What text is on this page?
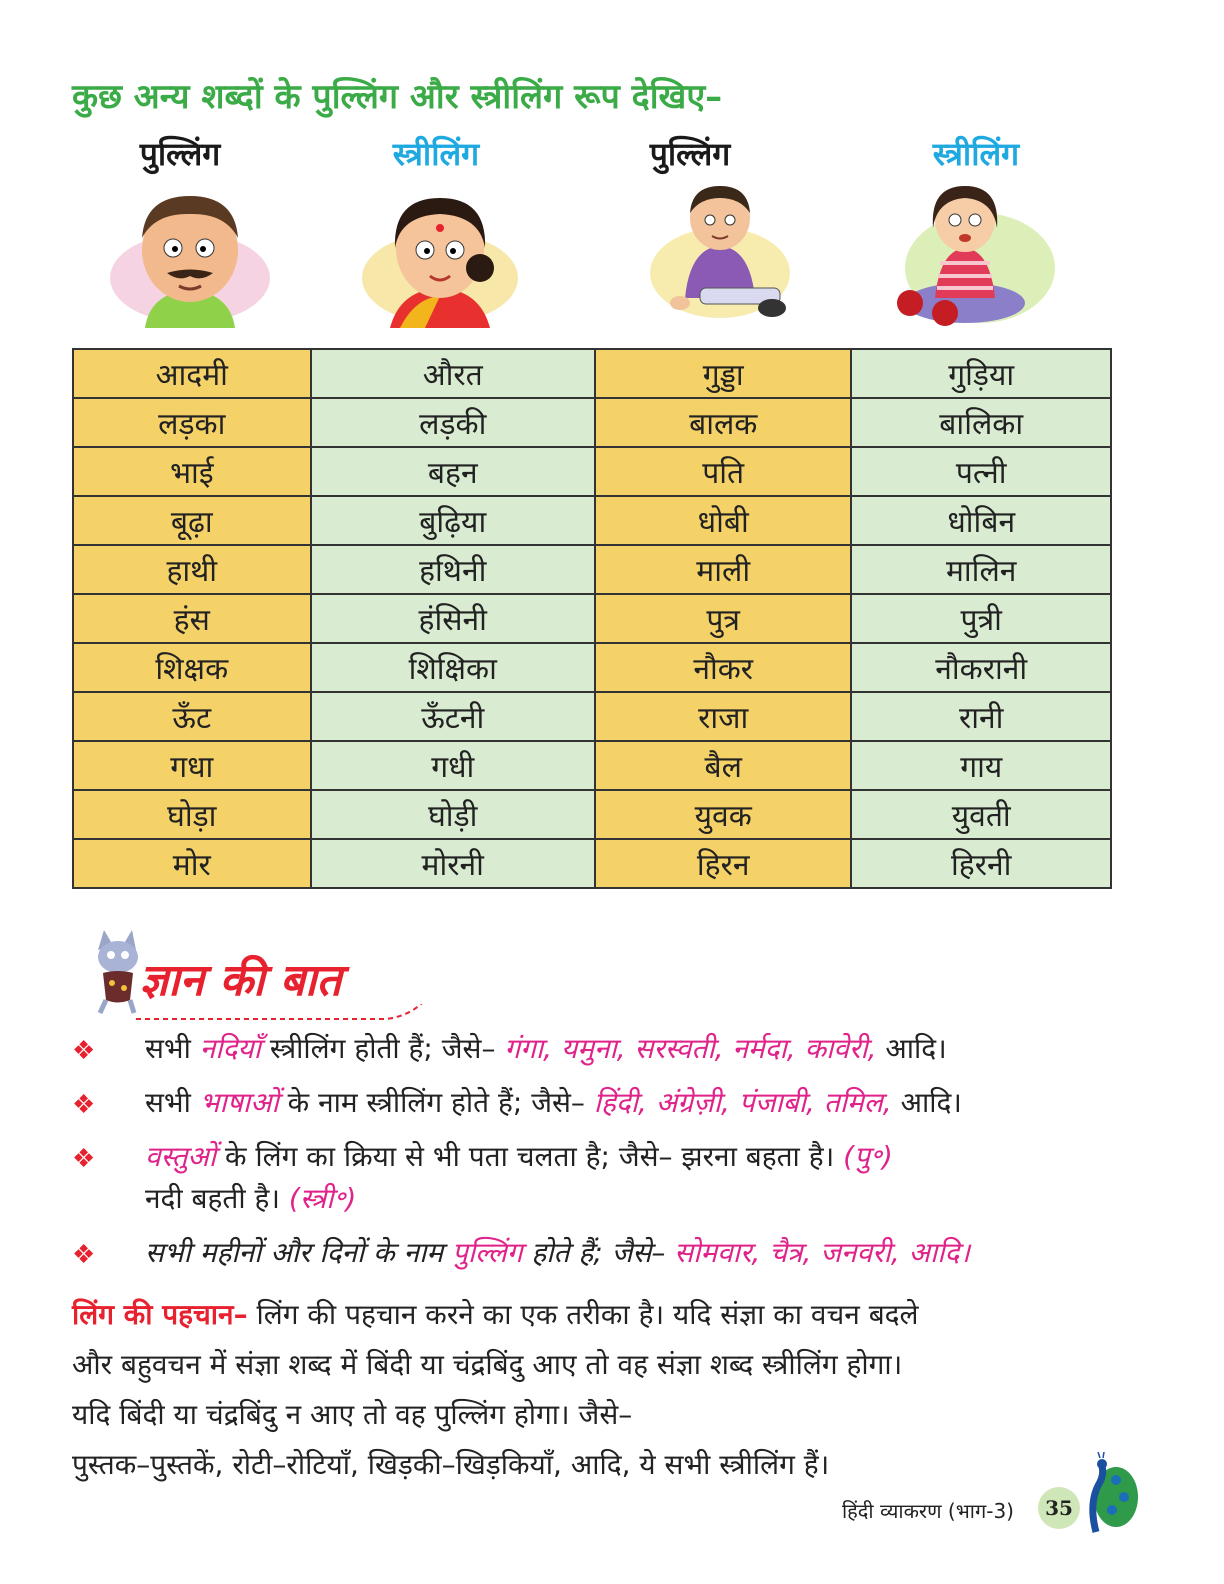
कुछ अन्य शब्दों के पुल्लिंग और स्त्रीलिंग रूप देखिए–
पुल्लिंग	स्त्रीलिंग	पुल्लिंग	स्त्रीलिंग
आदमी	औरत	गुड्डा	गुड़िया
लड़का	लड़की	बालक	बालिका
भाई	बहन	पति	पत्नी
बूढ़ा	बुढ़िया	धोबी	धोबिन
हाथी	हथिनी	माली	मालिन
हंस	हंसिनी	पुत्र	पुत्री
शिक्षक	शिक्षिका	नौकर	नौकरानी
ऊँट	ऊँटनी	राजा	रानी
गधा	गधी	बैल	गाय
घोड़ा	घोड़ी	युवक	युवती
मोर	मोरनी	हिरन	हिरनी
ज्ञान की बात
❖ सभी नदियाँ स्त्रीलिंग होती हैं; जैसे– गंगा, यमुना, सरस्वती, नर्मदा, कावेरी, आदि।
❖ सभी भाषाओं के नाम स्त्रीलिंग होते हैं; जैसे– हिंदी, अंग्रेज़ी, पंजाबी, तमिल, आदि।
❖ वस्तुओं के लिंग का क्रिया से भी पता चलता है; जैसे– झरना बहता है। (पु॰)
नदी बहती है। (स्त्री॰)
❖ सभी महीनों और दिनों के नाम पुल्लिंग होते हैं; जैसे– सोमवार, चैत्र, जनवरी, आदि।
लिंग की पहचान– लिंग की पहचान करने का एक तरीका है। यदि संज्ञा का वचन बदले
और बहुवचन में संज्ञा शब्द में बिंदी या चंद्रबिंदु आए तो वह संज्ञा शब्द स्त्रीलिंग होगा।
यदि बिंदी या चंद्रबिंदु न आए तो वह पुल्लिंग होगा। जैसे–
पुस्तक–पुस्तकें, रोटी–रोटियाँ, खिड़की–खिड़कियाँ, आदि, ये सभी स्त्रीलिंग हैं।
हिंदी व्याकरण (भाग-3)	35
